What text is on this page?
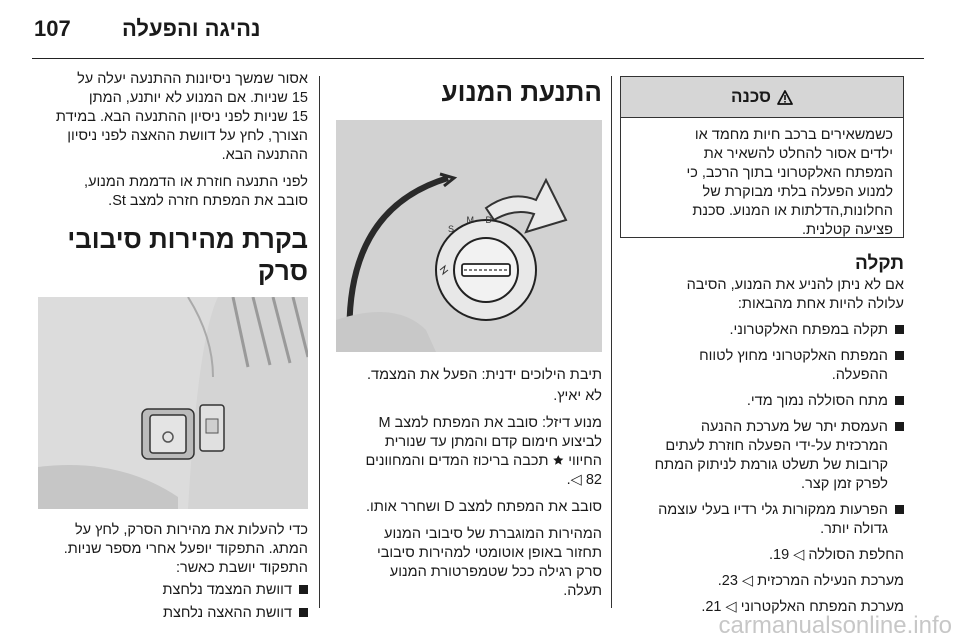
107 נהיגה והפעלה

אסור שמשך ניסיונות ההתנעה יעלה על

15 שניות. אם המנוע לא יותנע, המתן

15 שניות לפני ניסיון ההתנעה הבא. במידת

הצורך, לחץ על דוושת ההאצה לפני ניסיון

ההתנעה הבא.

לפני התנעה חוזרת או הדממת המנוע,

סובב את המפתח חזרה למצב St.

בקרת מהירות סיבובי סרק

כדי להעלות את מהירות הסרק, לחץ על

המתג. התפקוד יופעל אחרי מספר שניות.

התפקוד יושבת כאשר:

דוושת המצמד נלחצת
דוושת ההאצה נלחצת
התנעת המנוע
S
M D

תיבת הילוכים ידנית: הפעל את המצמד.

לא יאיץ.

מנוע דיזל: סובב את המפתח למצב M

לביצוע חימום קדם והמתן עד שנורית

החיווי 🟊 תכבה בריכוז המדים והמחוונים

82 ◁.

סובב את המפתח למצב D ושחרר אותו.

המהירות המוגברת של סיבובי המנוע

תחזור באופן אוטומטי למהירות סיבובי

סרק רגילה ככל שטמפרטורת המנוע

תעלה.

סכנה
כשמשאירים ברכב חיות מחמד או
ילדים אסור להחלט להשאיר את
המפתח האלקטרוני בתוך הרכב, כי
למנוע הפעלה בלתי מבוקרת של
החלונות,הדלתות או המנוע. סכנת
פציעה קטלנית.
תקלה

אם לא ניתן להניע את המנוע, הסיבה

עלולה להיות אחת מהבאות:

תקלה במפתח האלקטרוני.
המפתח האלקטרוני מחוץ לטווח
ההפעלה.
מתח הסוללה נמוך מדי.
העמסת יתר של מערכת ההנעה
המרכזית על-ידי הפעלה חוזרת לעתים
קרובות של תשלט גורמת לניתוק המתח
לפרק זמן קצר.
הפרעות ממקורות גלי רדיו בעלי עוצמה
גדולה יותר.

החלפת הסוללה ◁ 19.

מערכת הנעילה המרכזית ◁ 23.

מערכת המפתח האלקטרוני ◁ 21.

carmanualsonline.info
